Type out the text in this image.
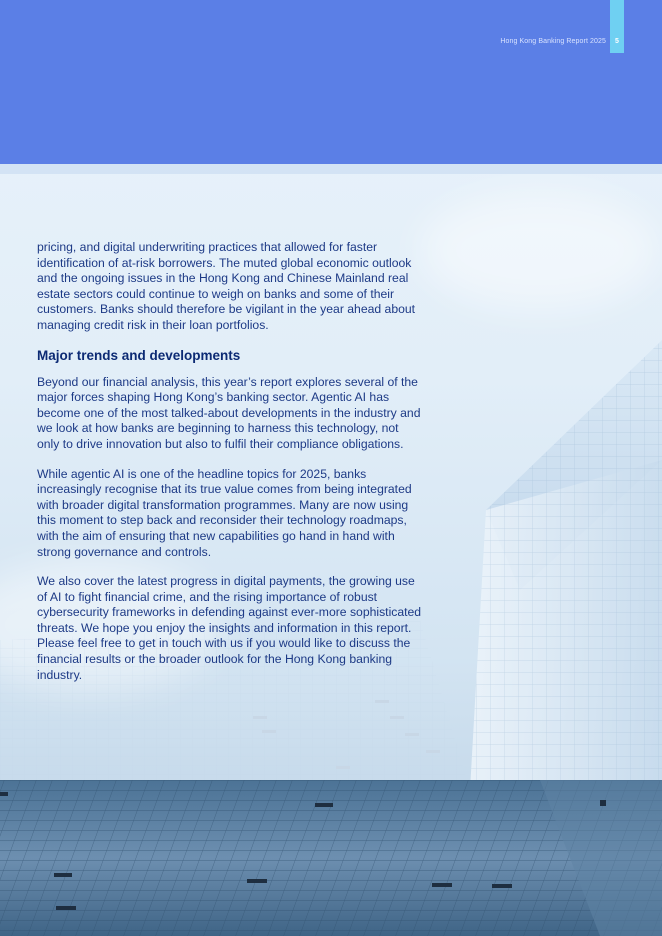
Hong Kong Banking Report 2025	5

pricing, and digital underwriting practices that allowed for faster identification of at-risk borrowers. The muted global economic outlook and the ongoing issues in the Hong Kong and Chinese Mainland real estate sectors could continue to weigh on banks and some of their customers. Banks should therefore be vigilant in the year ahead about managing credit risk in their loan portfolios.

Major trends and developments

Beyond our financial analysis, this year’s report explores several of the major forces shaping Hong Kong’s banking sector. Agentic AI has become one of the most talked-about developments in the industry and we look at how banks are beginning to harness this technology, not only to drive innovation but also to fulfil their compliance obligations.

While agentic AI is one of the headline topics for 2025, banks increasingly recognise that its true value comes from being integrated with broader digital transformation programmes. Many are now using this moment to step back and reconsider their technology roadmaps, with the aim of ensuring that new capabilities go hand in hand with strong governance and controls.

We also cover the latest progress in digital payments, the growing use of AI to fight financial crime, and the rising importance of robust cybersecurity frameworks in defending against ever-more sophisticated threats. We hope you enjoy the insights and information in this report. Please feel free to get in touch with us if you would like to discuss the financial results or the broader outlook for the Hong Kong banking industry.
